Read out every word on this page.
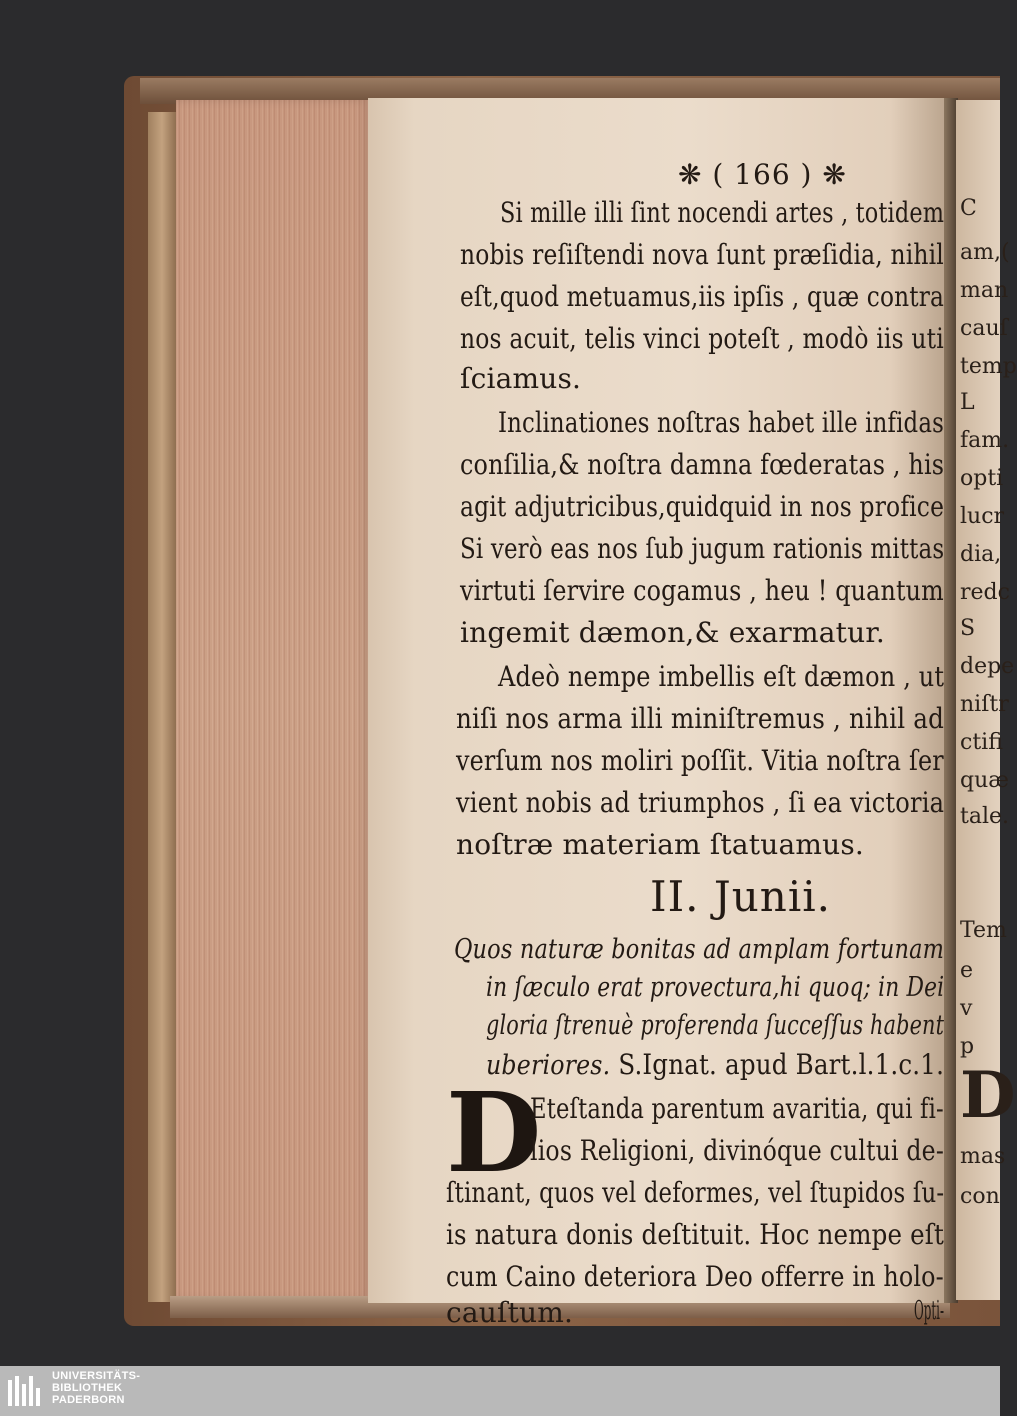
C

am,(

man

cauſ

temp

L

fam.

opti

lucr

dia,

redc

S

depe

niſtr

ctifi

quæ

tale.

Tem

e

v

p

D

mas

con

❋ ( 166 ) ❋

Si mille illi ſint nocendi artes , totidem

nobis reſiſtendi nova ſunt præſidia, nihil

eſt,quod metuamus,iis ipſis , quæ contra

nos acuit, telis vinci poteſt , modò iis uti

ſciamus.

Inclinationes noſtras habet ille infidas

conſilia,& noſtra damna fœderatas , his

agit adjutricibus,quidquid in nos profice

Si verò eas nos ſub jugum rationis mittas

virtuti ſervire cogamus , heu ! quantum

ingemit dæmon,& exarmatur.

Adeò nempe imbellis eſt dæmon , ut

niſi nos arma illi miniſtremus , nihil ad

verſum nos moliri poſſit. Vitia noſtra ſer

vient nobis ad triumphos , ſi ea victoria

noſtræ materiam ſtatuamus.

II. Junii.

Quos naturæ bonitas ad amplam fortunam

in ſæculo erat provectura,hi quoq; in Dei

gloria ſtrenuè proferenda ſucceſſus habent

uberiores. S.Ignat. apud Bart.l.1.c.1.

D

Eteſtanda parentum avaritia, qui fi-

lios Religioni, divinóque cultui de-

ſtinant, quos vel deformes, vel ſtupidos ſu-

is natura donis deſtituit. Hoc nempe eſt

cum Caino deteriora Deo offerre in holo-

cauſtum.	Opti-

UNIVERSITÄTS-
BIBLIOTHEK
PADERBORN
